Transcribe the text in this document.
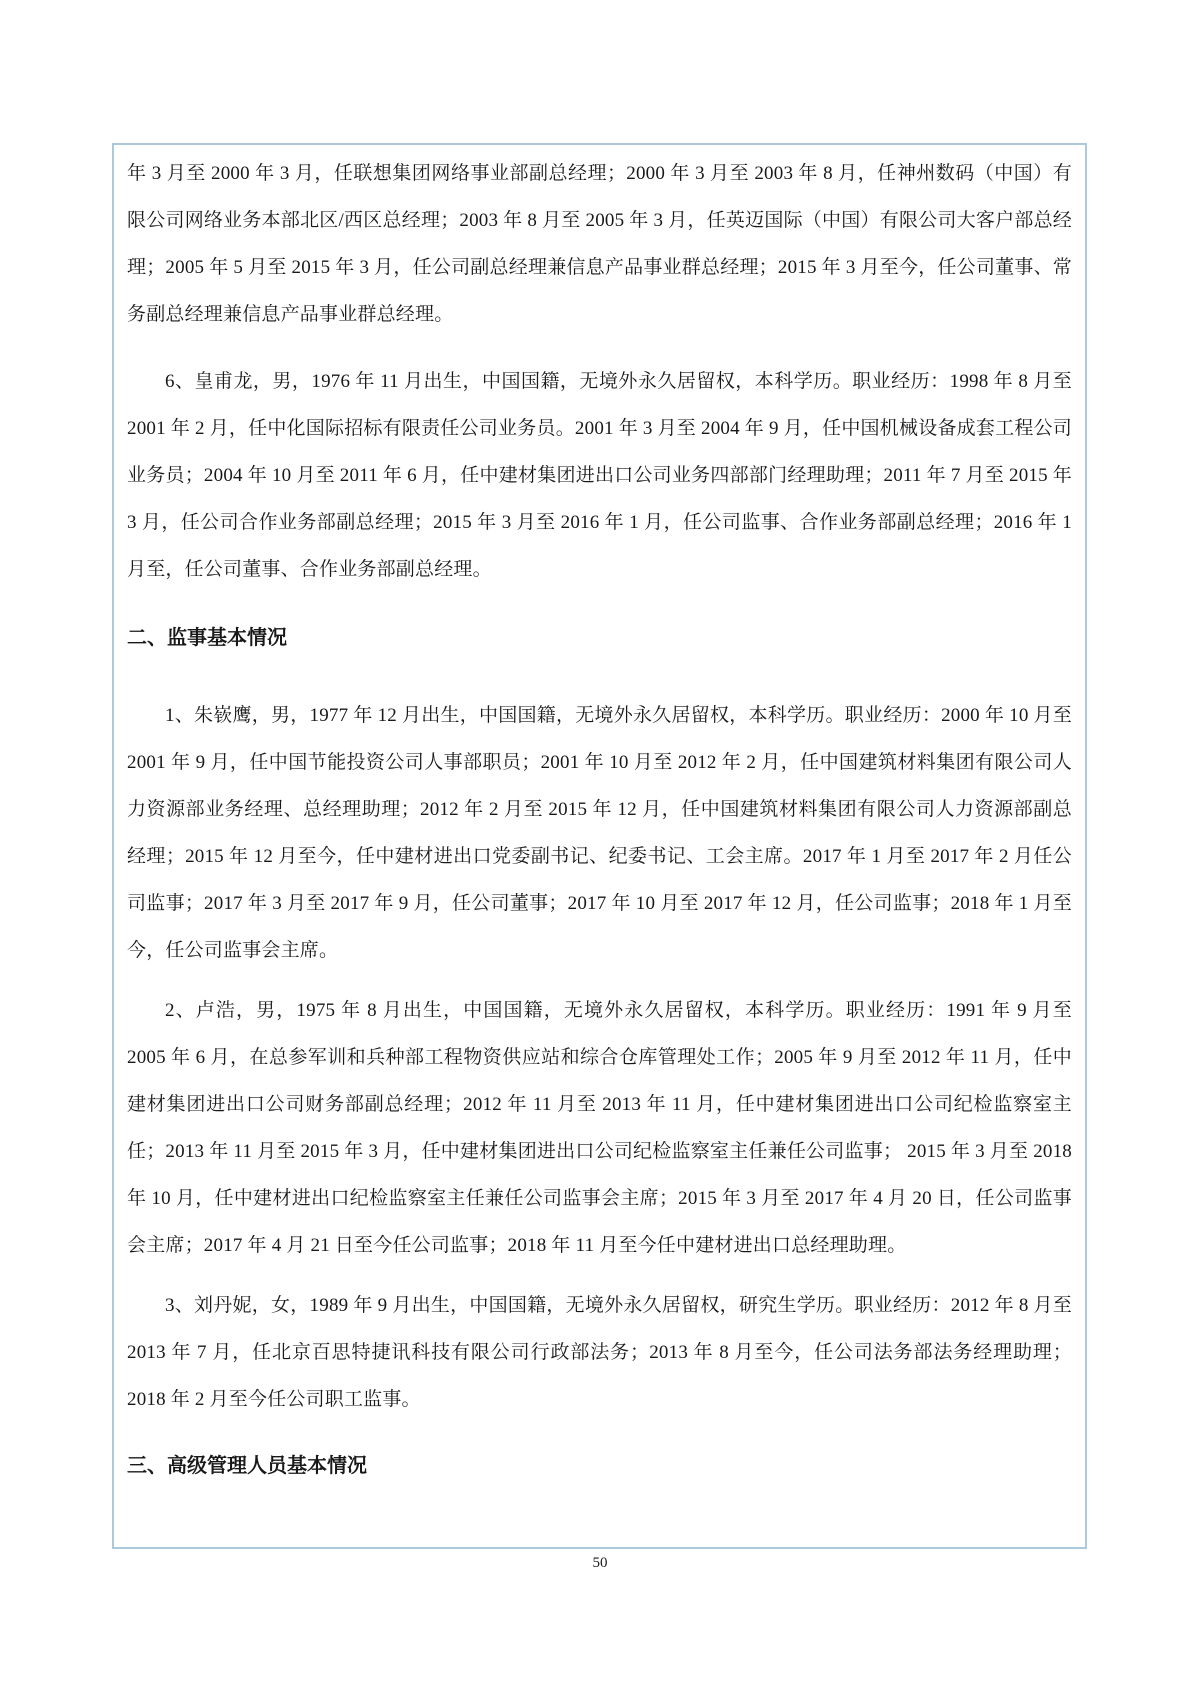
年 3 月至 2000 年 3 月，任联想集团网络事业部副总经理；2000 年 3 月至 2003 年 8 月，任神州数码（中国）有限公司网络业务本部北区/西区总经理；2003 年 8 月至 2005 年 3 月，任英迈国际（中国）有限公司大客户部总经理；2005 年 5 月至 2015 年 3 月，任公司副总经理兼信息产品事业群总经理；2015 年 3 月至今，任公司董事、常务副总经理兼信息产品事业群总经理。

6、皇甫龙，男，1976 年 11 月出生，中国国籍，无境外永久居留权，本科学历。职业经历：1998 年 8 月至 2001 年 2 月，任中化国际招标有限责任公司业务员。2001 年 3 月至 2004 年 9 月，任中国机械设备成套工程公司业务员；2004 年 10 月至 2011 年 6 月，任中建材集团进出口公司业务四部部门经理助理；2011 年 7 月至 2015 年 3 月，任公司合作业务部副总经理；2015 年 3 月至 2016 年 1 月，任公司监事、合作业务部副总经理；2016 年 1 月至，任公司董事、合作业务部副总经理。

二、监事基本情况

1、朱嵚鹰，男，1977 年 12 月出生，中国国籍，无境外永久居留权，本科学历。职业经历：2000 年 10 月至 2001 年 9 月，任中国节能投资公司人事部职员；2001 年 10 月至 2012 年 2 月，任中国建筑材料集团有限公司人力资源部业务经理、总经理助理；2012 年 2 月至 2015 年 12 月，任中国建筑材料集团有限公司人力资源部副总经理；2015 年 12 月至今，任中建材进出口党委副书记、纪委书记、工会主席。2017 年 1 月至 2017 年 2 月任公司监事；2017 年 3 月至 2017 年 9 月，任公司董事；2017 年 10 月至 2017 年 12 月，任公司监事；2018 年 1 月至今，任公司监事会主席。

2、卢浩，男，1975 年 8 月出生，中国国籍，无境外永久居留权，本科学历。职业经历：1991 年 9 月至 2005 年 6 月，在总参军训和兵种部工程物资供应站和综合仓库管理处工作；2005 年 9 月至 2012 年 11 月，任中建材集团进出口公司财务部副总经理；2012 年 11 月至 2013 年 11 月，任中建材集团进出口公司纪检监察室主任；2013 年 11 月至 2015 年 3 月，任中建材集团进出口公司纪检监察室主任兼任公司监事； 2015 年 3 月至 2018 年 10 月，任中建材进出口纪检监察室主任兼任公司监事会主席；2015 年 3 月至 2017 年 4 月 20 日，任公司监事会主席；2017 年 4 月 21 日至今任公司监事；2018 年 11 月至今任中建材进出口总经理助理。

3、刘丹妮，女，1989 年 9 月出生，中国国籍，无境外永久居留权，研究生学历。职业经历：2012 年 8 月至 2013 年 7 月，任北京百思特捷讯科技有限公司行政部法务；2013 年 8 月至今，任公司法务部法务经理助理；2018 年 2 月至今任公司职工监事。

三、高级管理人员基本情况
50
